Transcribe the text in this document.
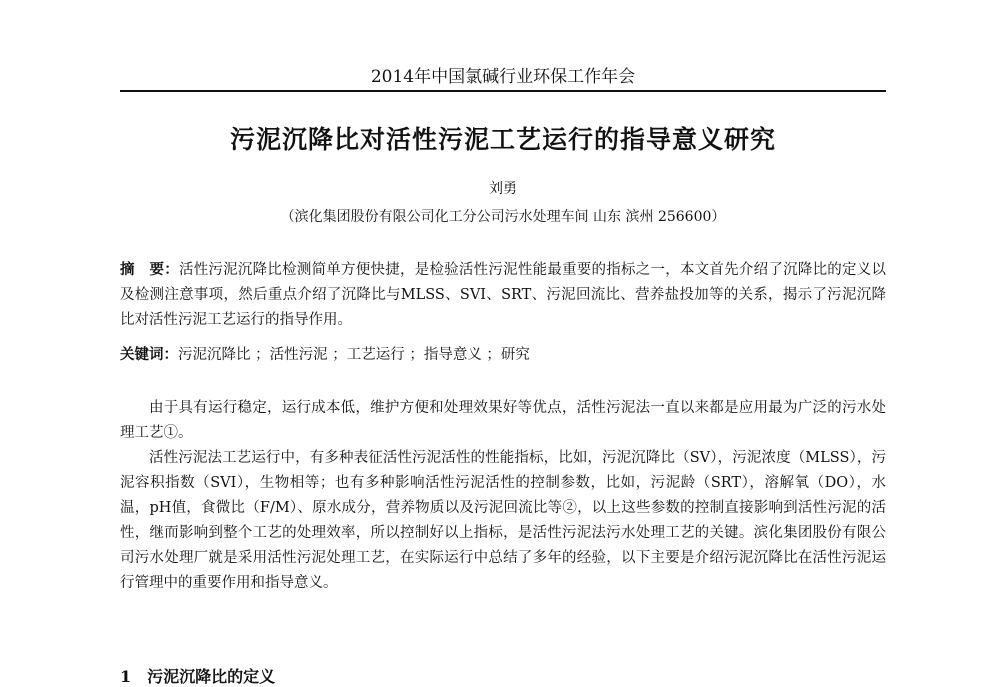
2014年中国氯碱行业环保工作年会
污泥沉降比对活性污泥工艺运行的指导意义研究
刘勇
（滨化集团股份有限公司化工分公司污水处理车间 山东 滨州 256600）
摘　要：活性污泥沉降比检测简单方便快捷，是检验活性污泥性能最重要的指标之一，本文首先介绍了沉降比的定义以及检测注意事项，然后重点介绍了沉降比与MLSS、SVI、SRT、污泥回流比、营养盐投加等的关系，揭示了污泥沉降比对活性污泥工艺运行的指导作用。
关键词：污泥沉降比 ；活性污泥 ；工艺运行 ；指导意义 ；研究

由于具有运行稳定，运行成本低，维护方便和处理效果好等优点，活性污泥法一直以来都是应用最为广泛的污水处理工艺①。

活性污泥法工艺运行中，有多种表征活性污泥活性的性能指标，比如，污泥沉降比（SV），污泥浓度（MLSS），污泥容积指数（SVI），生物相等；也有多种影响活性污泥活性的控制参数，比如，污泥龄（SRT），溶解氧（DO），水温，pH值，食微比（F/M）、原水成分，营养物质以及污泥回流比等②，以上这些参数的控制直接影响到活性污泥的活性，继而影响到整个工艺的处理效率，所以控制好以上指标，是活性污泥法污水处理工艺的关键。滨化集团股份有限公司污水处理厂就是采用活性污泥处理工艺，在实际运行中总结了多年的经验，以下主要是介绍污泥沉降比在活性污泥运行管理中的重要作用和指导意义。

1　污泥沉降比的定义
